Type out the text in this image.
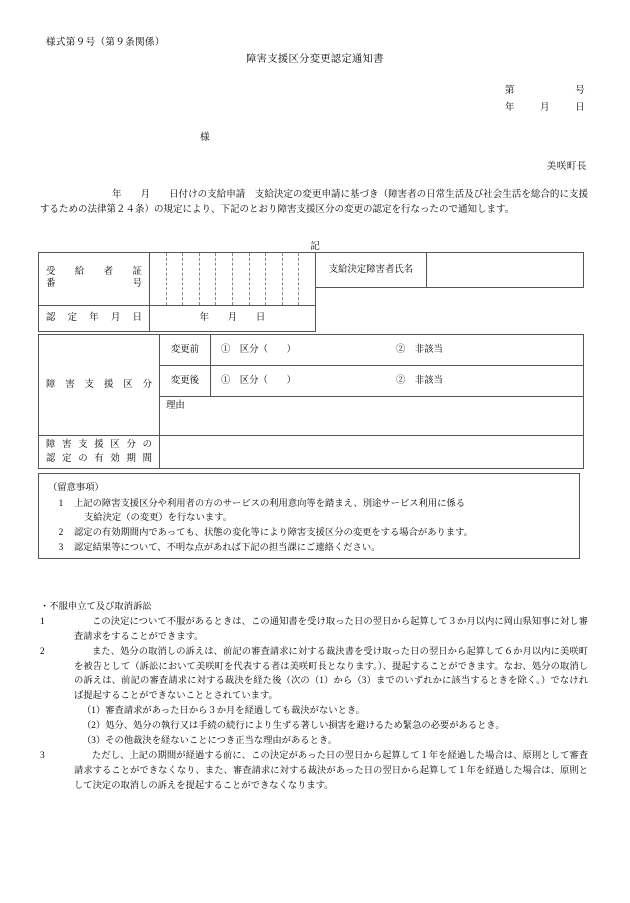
様式第９号（第９条関係）
障害支援区分変更認定通知書
第	号
年	月	日
様
美咲町長
年　　月　　日付けの支給申請　支給決定の変更申請に基づき（障害者の日常生活及び社会生活を総合的に支援するための法律第２４条）の規定により、下記のとおり障害支援区分の変更の認定を行なったので通知します。
記
受給者証
番　　　号		支給決定障害者氏名	

認定年月日	年　　月　　日		

障害支援区分	変更前	①　区分（　　） ②　非該当

	変更後	①　区分（　　） ②　非該当

	理由	

障害支援区分の
認定の有効期間		

（留意事項）
1	上記の障害支援区分や利用者の方のサービスの利用意向等を踏まえ、別途サービス利用に係る
支給決定（の変更）を行ないます。
2	認定の有効期間内であっても、状態の変化等により障害支援区分の変更をする場合があります。
3	認定結果等について、不明な点があれば下記の担当課にご連絡ください。
・不服申立て及び取消訴訟
1	この決定について不服があるときは、この通知書を受け取った日の翌日から起算して３か月以内に岡山県知事に対し審査請求をすることができます。
2	また、処分の取消しの訴えは、前記の審査請求に対する裁決書を受け取った日の翌日から起算して６か月以内に美咲町を被告として（訴訟において美咲町を代表する者は美咲町長となります。）、提起することができます。なお、処分の取消しの訴えは、前記の審査請求に対する裁決を経た後（次の（1）から（3）までのいずれかに該当するときを除く。）でなければ提起することができないこととされています。
（1）審査請求があった日から３か月を経過しても裁決がないとき。
（2）処分、処分の執行又は手続の続行により生ずる著しい損害を避けるため緊急の必要があるとき。
（3）その他裁決を経ないことにつき正当な理由があるとき。
3	ただし、上記の期間が経過する前に、この決定があった日の翌日から起算して１年を経過した場合は、原則として審査請求することができなくなり、また、審査請求に対する裁決があった日の翌日から起算して１年を経過した場合は、原則として決定の取消しの訴えを提起することができなくなります。
